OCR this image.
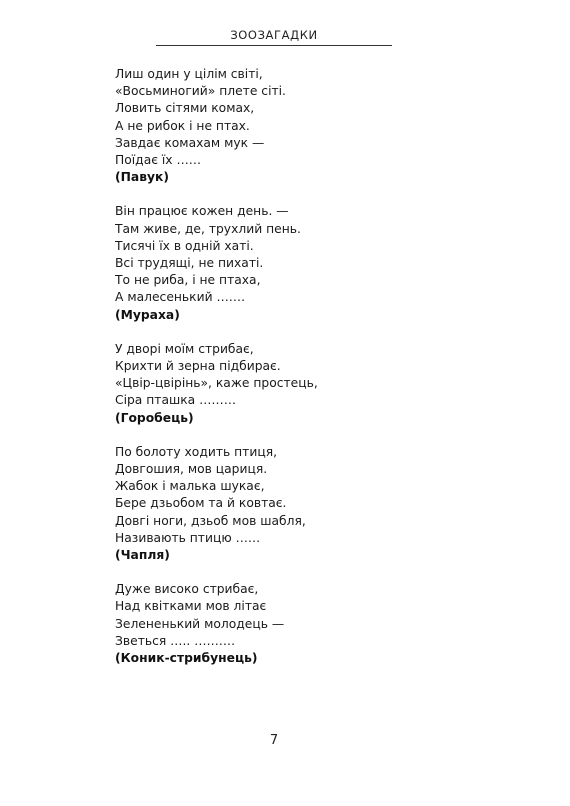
ЗООЗАГАДКИ
Лиш один у цілім світі,
«Восьминогий» плете сіті.
Ловить сітями комах,
А не рибок і не птах.
Завдає комахам мук —
Поїдає їх ……
(Павук)
Він працює кожен день. —
Там живе, де, трухлий пень.
Тисячі їх в одній хаті.
Всі трудящі, не пихаті.
То не риба, і не птаха,
А малесенький …….
(Мураха)
У дворі моїм стрибає,
Крихти й зерна підбирає.
«Цвір-цвірінь», каже простець,
Сіра пташка ………
(Горобець)
По болоту ходить птиця,
Довгошия, мов цариця.
Жабок і малька шукає,
Бере дзьобом та й ковтає.
Довгі ноги, дзьоб мов шабля,
Називають птицю ……
(Чапля)
Дуже високо стрибає,
Над квітками мов літає
Зелененький молодець —
Зветься ….. ……….
(Коник-стрибунець)
7
